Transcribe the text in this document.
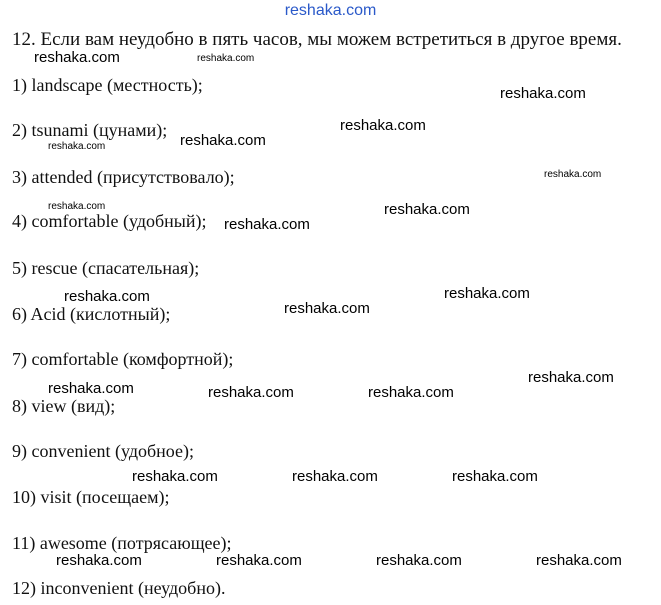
reshaka.com
12. Если вам неудобно в пять часов, мы можем встретиться в другое время.
1) landscape (местность);
2) tsunami (цунами);
3) attended (присутствовало);
4) comfortable (удобный);
5) rescue (спасательная);
6) Acid (кислотный);
7) comfortable (комфортной);
8) view (вид);
9) convenient (удобное);
10) visit (посещаем);
11) awesome (потрясающее);
12) inconvenient (неудобно).
reshaka.com	reshaka.com
reshaka.com
reshaka.com
reshaka.com
reshaka.com
reshaka.com
reshaka.com	reshaka.com
reshaka.com
reshaka.com	reshaka.com
reshaka.com
reshaka.com
reshaka.com	reshaka.com	reshaka.com
reshaka.com	reshaka.com	reshaka.com
reshaka.com	reshaka.com	reshaka.com	reshaka.com
